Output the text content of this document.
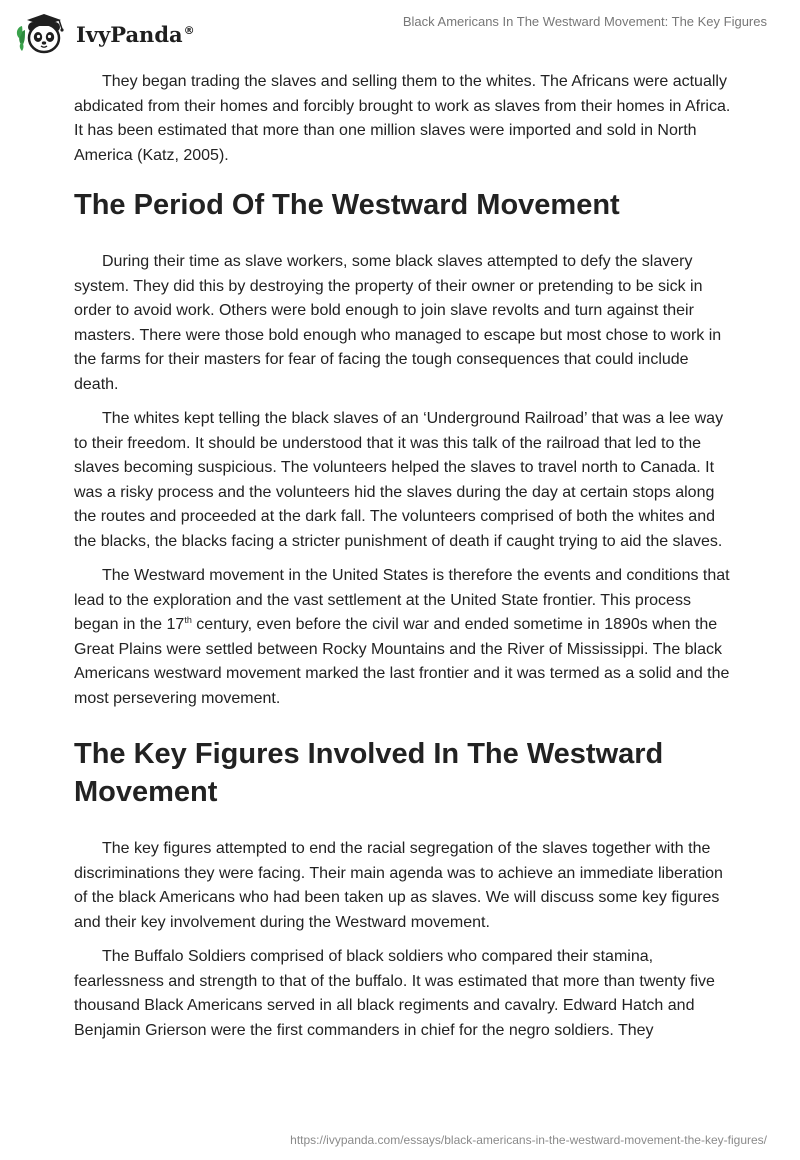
IvyPanda®
Black Americans In The Westward Movement: The Key Figures

They began trading the slaves and selling them to the whites. The Africans were actually abdicated from their homes and forcibly brought to work as slaves from their homes in Africa. It has been estimated that more than one million slaves were imported and sold in North America (Katz, 2005).

The Period Of The Westward Movement

During their time as slave workers, some black slaves attempted to defy the slavery system. They did this by destroying the property of their owner or pretending to be sick in order to avoid work. Others were bold enough to join slave revolts and turn against their masters. There were those bold enough who managed to escape but most chose to work in the farms for their masters for fear of facing the tough consequences that could include death.

The whites kept telling the black slaves of an ‘Underground Railroad’ that was a lee way to their freedom. It should be understood that it was this talk of the railroad that led to the slaves becoming suspicious. The volunteers helped the slaves to travel north to Canada. It was a risky process and the volunteers hid the slaves during the day at certain stops along the routes and proceeded at the dark fall. The volunteers comprised of both the whites and the blacks, the blacks facing a stricter punishment of death if caught trying to aid the slaves.

The Westward movement in the United States is therefore the events and conditions that lead to the exploration and the vast settlement at the United State frontier. This process began in the 17th century, even before the civil war and ended sometime in 1890s when the Great Plains were settled between Rocky Mountains and the River of Mississippi. The black Americans westward movement marked the last frontier and it was termed as a solid and the most persevering movement.

The Key Figures Involved In The Westward Movement

The key figures attempted to end the racial segregation of the slaves together with the discriminations they were facing. Their main agenda was to achieve an immediate liberation of the black Americans who had been taken up as slaves. We will discuss some key figures and their key involvement during the Westward movement.

The Buffalo Soldiers comprised of black soldiers who compared their stamina, fearlessness and strength to that of the buffalo. It was estimated that more than twenty five thousand Black Americans served in all black regiments and cavalry. Edward Hatch and Benjamin Grierson were the first commanders in chief for the negro soldiers. They

https://ivypanda.com/essays/black-americans-in-the-westward-movement-the-key-figures/
